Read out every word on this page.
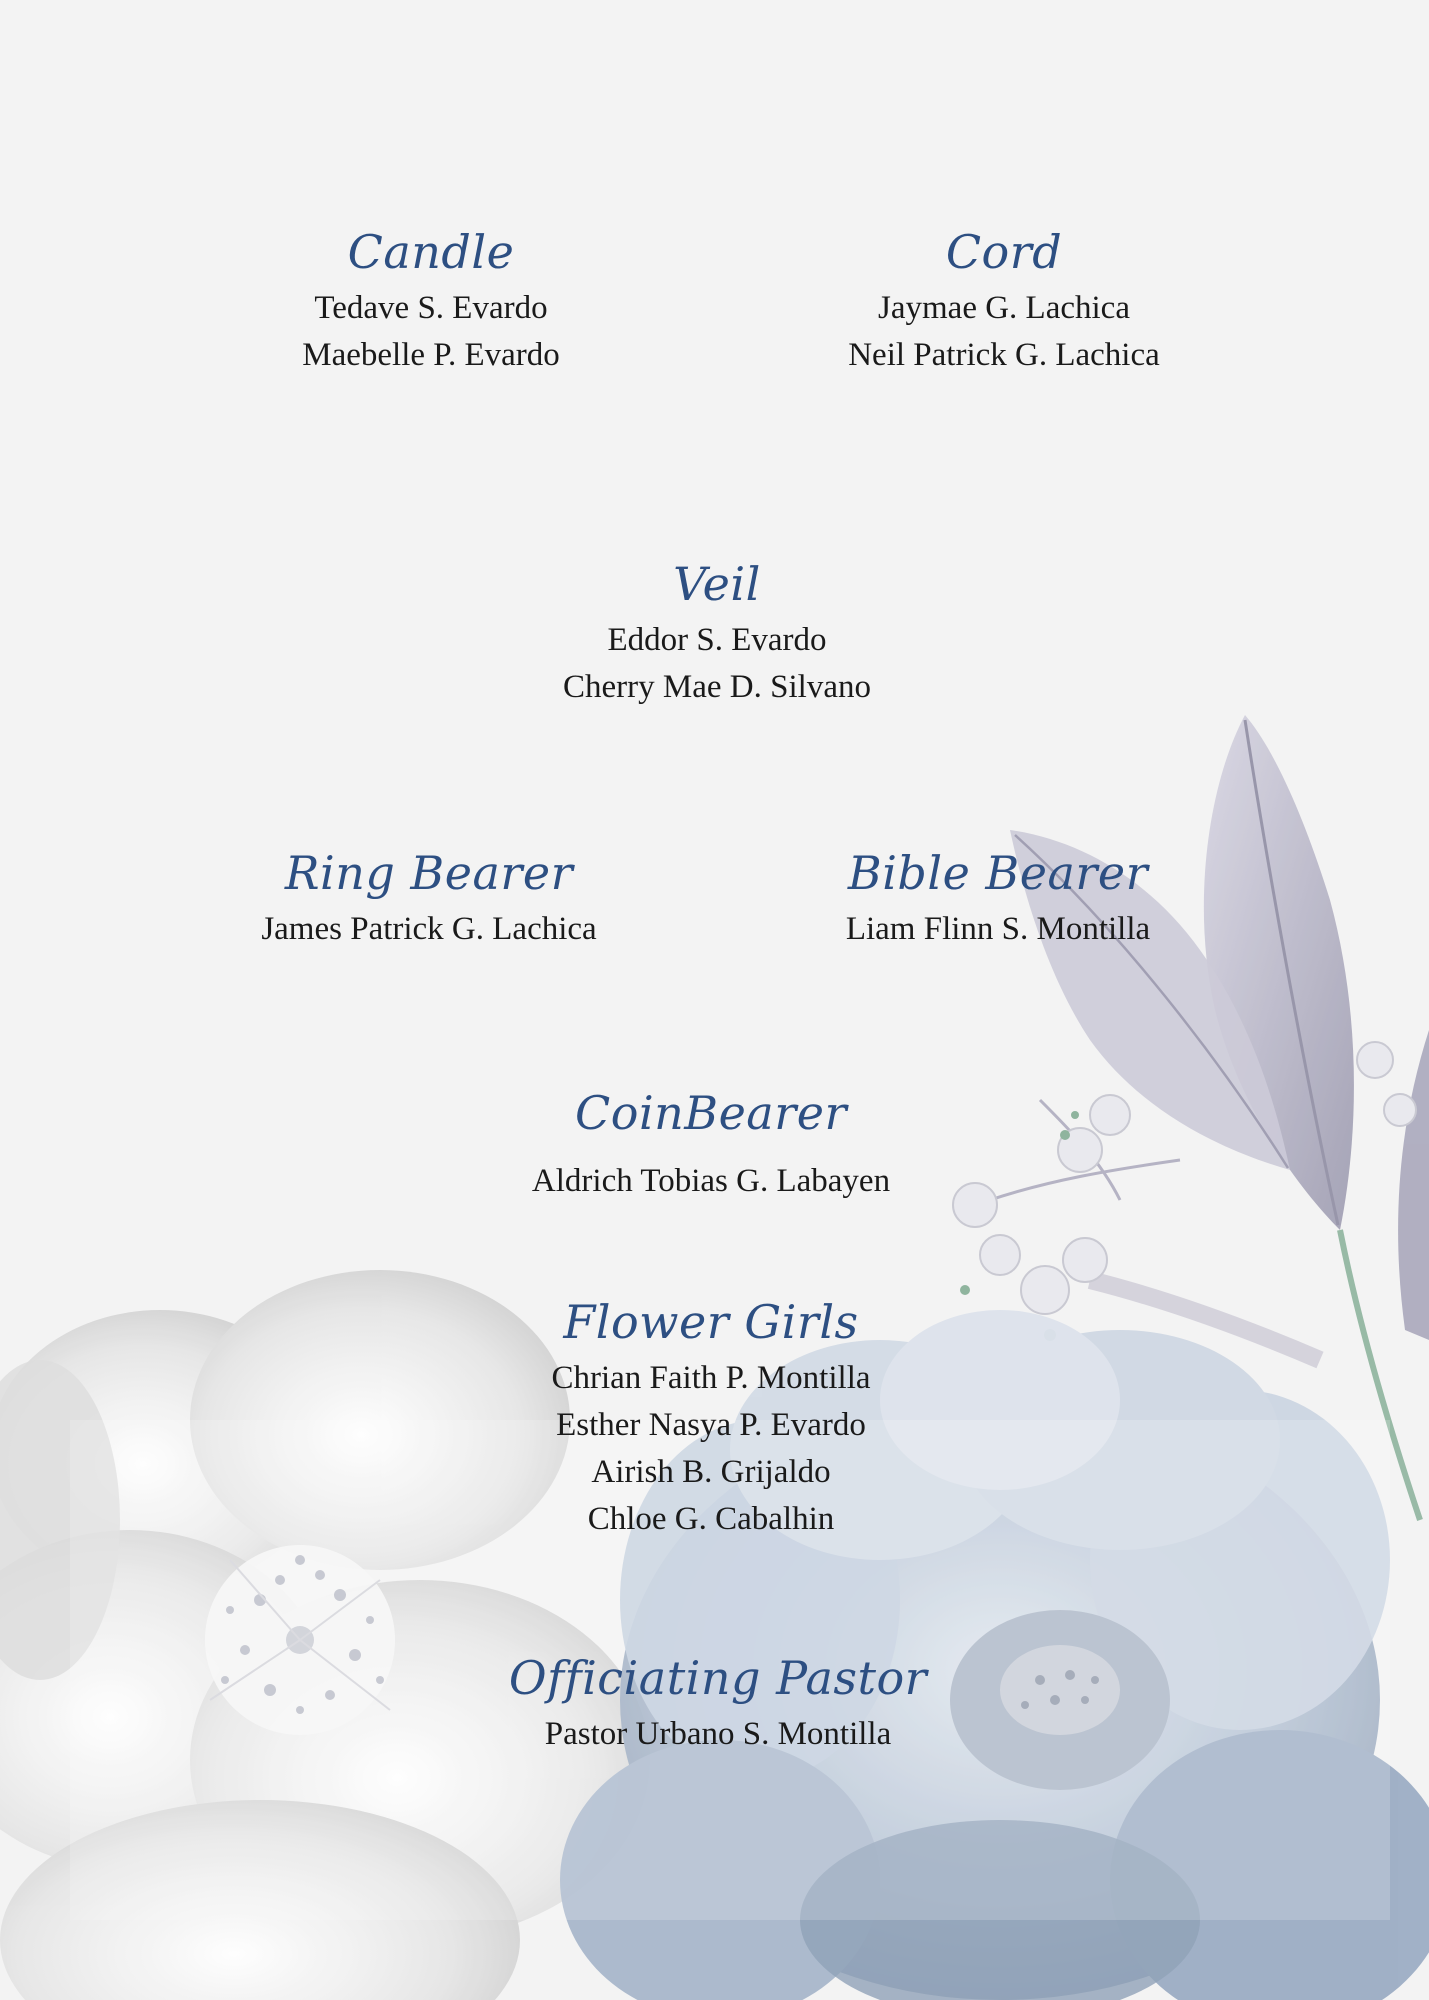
Candle
Tedave S. Evardo
Maebelle P. Evardo
Cord
Jaymae G. Lachica
Neil Patrick G. Lachica
Veil
Eddor S. Evardo
Cherry Mae D. Silvano
Ring Bearer
James Patrick G. Lachica
Bible Bearer
Liam Flinn S. Montilla
CoinBearer
Aldrich Tobias G. Labayen
Flower Girls
Chrian Faith P. Montilla
Esther Nasya P. Evardo
Airish B. Grijaldo
Chloe G. Cabalhin
Officiating Pastor
Pastor Urbano S. Montilla
